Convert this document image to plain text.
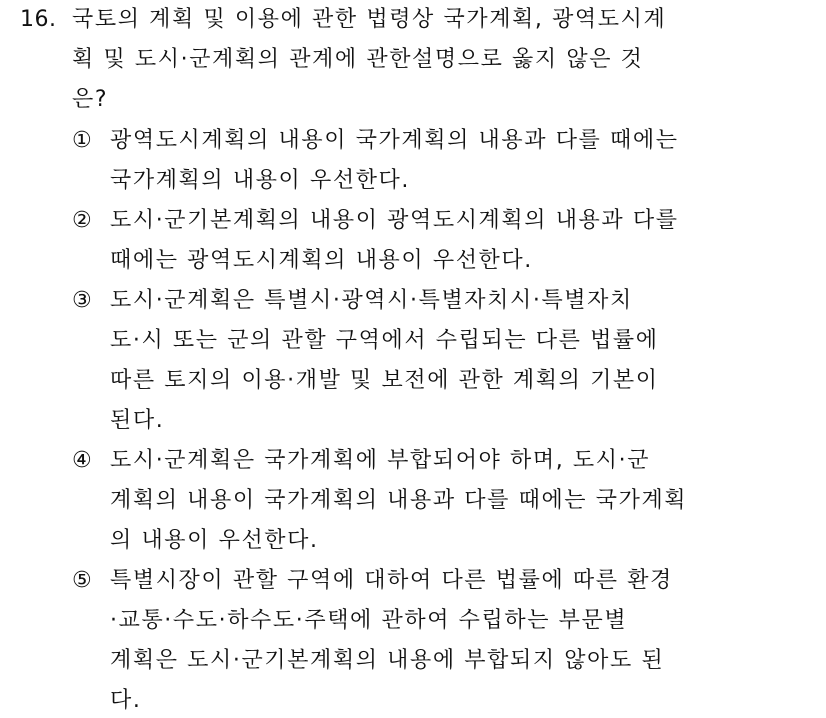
16. 국토의 계획 및 이용에 관한 법령상 국가계획, 광역도시계
획 및 도시·군계획의 관계에 관한설명으로 옳지 않은 것
은?
① 광역도시계획의 내용이 국가계획의 내용과 다를 때에는
국가계획의 내용이 우선한다.
② 도시·군기본계획의 내용이 광역도시계획의 내용과 다를
때에는 광역도시계획의 내용이 우선한다.
③ 도시·군계획은 특별시·광역시·특별자치시·특별자치
도·시 또는 군의 관할 구역에서 수립되는 다른 법률에
따른 토지의 이용·개발 및 보전에 관한 계획의 기본이
된다.
④ 도시·군계획은 국가계획에 부합되어야 하며, 도시·군
계획의 내용이 국가계획의 내용과 다를 때에는 국가계획
의 내용이 우선한다.
⑤ 특별시장이 관할 구역에 대하여 다른 법률에 따른 환경
·교통·수도·하수도·주택에 관하여 수립하는 부문별
계획은 도시·군기본계획의 내용에 부합되지 않아도 된
다.
